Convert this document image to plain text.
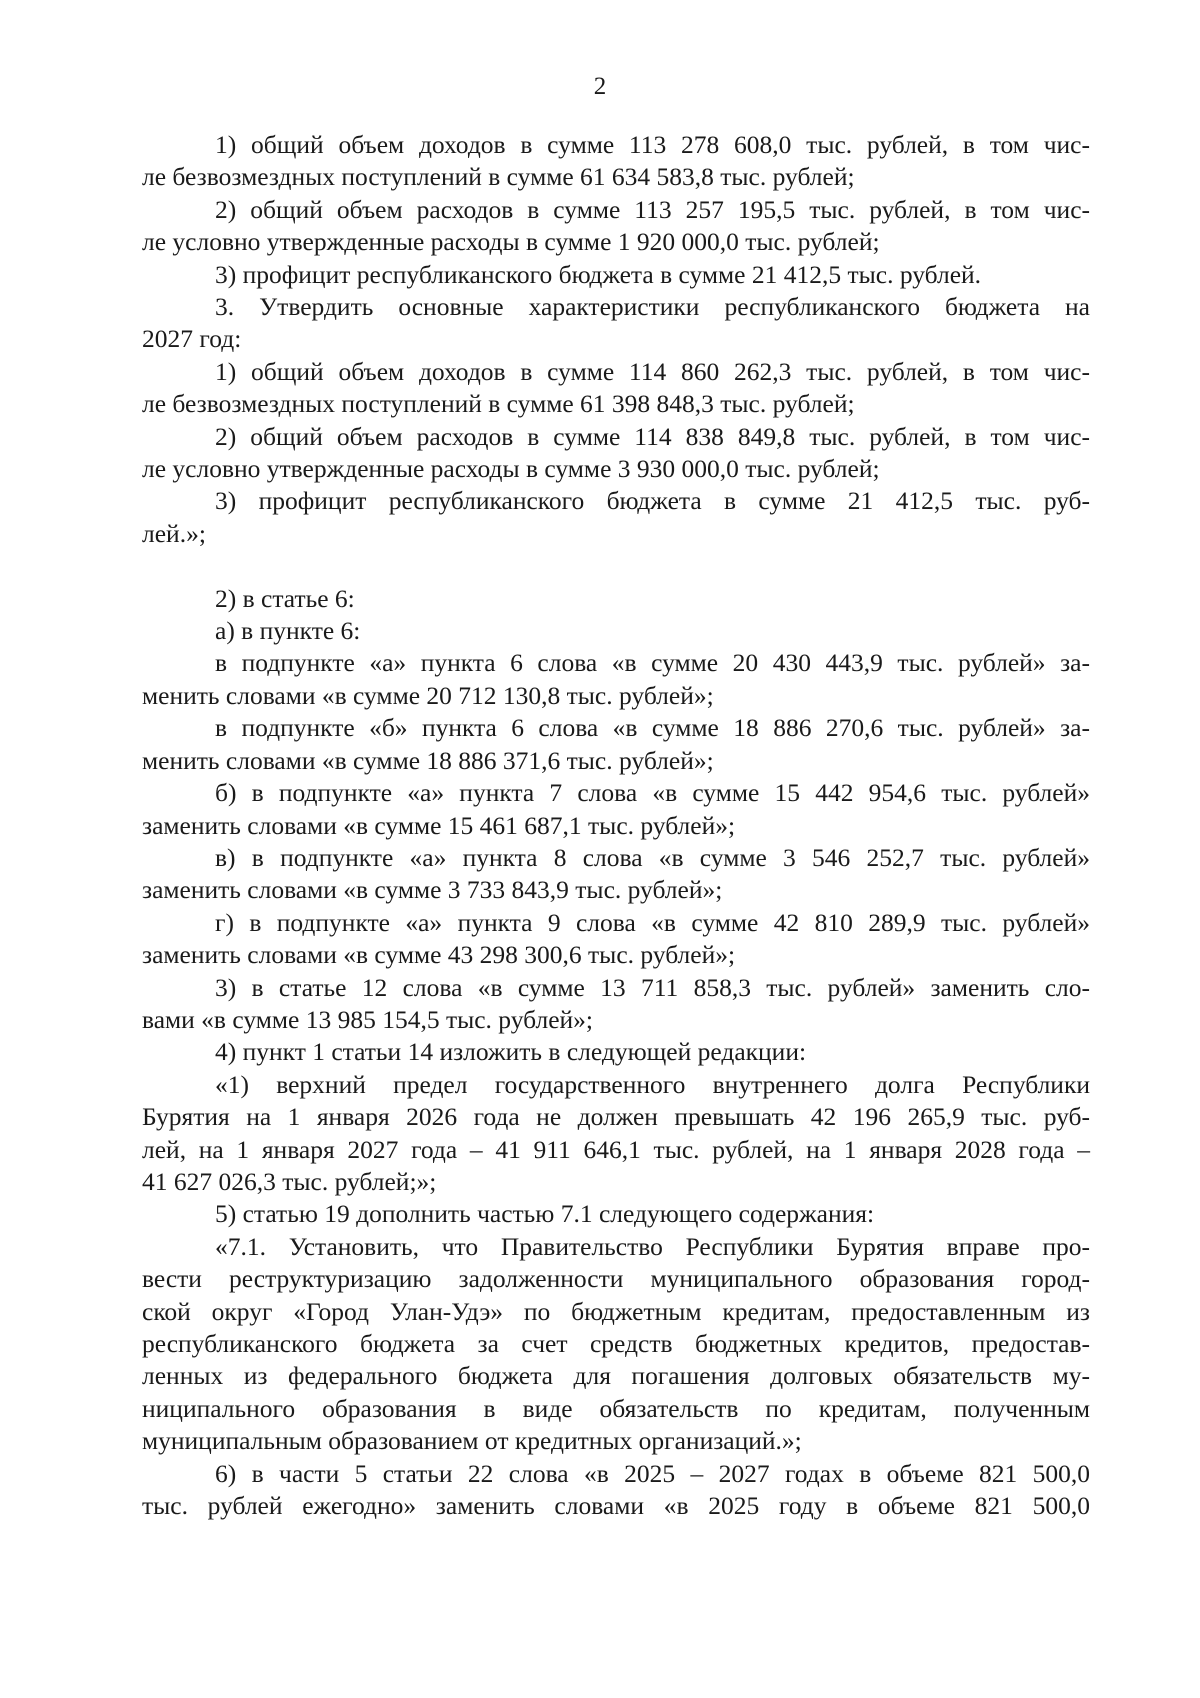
2

1) общий объем доходов в сумме 113 278 608,0 тыс. рублей, в том чис-

ле безвозмездных поступлений в сумме 61 634 583,8 тыс. рублей;

2) общий объем расходов в сумме 113 257 195,5 тыс. рублей, в том чис-

ле условно утвержденные расходы в сумме 1 920 000,0 тыс. рублей;

3) профицит республиканского бюджета в сумме 21 412,5 тыс. рублей.

3. Утвердить основные характеристики республиканского бюджета на

2027 год:

1) общий объем доходов в сумме 114 860 262,3 тыс. рублей, в том чис-

ле безвозмездных поступлений в сумме 61 398 848,3 тыс. рублей;

2) общий объем расходов в сумме 114 838 849,8 тыс. рублей, в том чис-

ле условно утвержденные расходы в сумме 3 930 000,0 тыс. рублей;

3) профицит республиканского бюджета в сумме 21 412,5 тыс. руб-

лей.»;

2) в статье 6:

а) в пункте 6:

в подпункте «а» пункта 6 слова «в сумме 20 430 443,9 тыс. рублей» за-

менить словами «в сумме 20 712 130,8 тыс. рублей»;

в подпункте «б» пункта 6 слова «в сумме 18 886 270,6 тыс. рублей» за-

менить словами «в сумме 18 886 371,6 тыс. рублей»;

б) в подпункте «а» пункта 7 слова «в сумме 15 442 954,6 тыс. рублей»

заменить словами «в сумме 15 461 687,1 тыс. рублей»;

в) в подпункте «а» пункта 8 слова «в сумме 3 546 252,7 тыс. рублей»

заменить словами «в сумме 3 733 843,9 тыс. рублей»;

г) в подпункте «а» пункта 9 слова «в сумме 42 810 289,9 тыс. рублей»

заменить словами «в сумме 43 298 300,6 тыс. рублей»;

3) в статье 12 слова «в сумме 13 711 858,3 тыс. рублей» заменить сло-

вами «в сумме 13 985 154,5 тыс. рублей»;

4) пункт 1 статьи 14 изложить в следующей редакции:

«1) верхний предел государственного внутреннего долга Республики

Бурятия на 1 января 2026 года не должен превышать 42 196 265,9 тыс. руб-

лей, на 1 января 2027 года – 41 911 646,1 тыс. рублей, на 1 января 2028 года –

41 627 026,3 тыс. рублей;»;

5) статью 19 дополнить частью 7.1 следующего содержания:

«7.1. Установить, что Правительство Республики Бурятия вправе про-

вести реструктуризацию задолженности муниципального образования город-

ской округ «Город Улан-Удэ» по бюджетным кредитам, предоставленным из

республиканского бюджета за счет средств бюджетных кредитов, предостав-

ленных из федерального бюджета для погашения долговых обязательств му-

ниципального образования в виде обязательств по кредитам, полученным

муниципальным образованием от кредитных организаций.»;

6) в части 5 статьи 22 слова «в 2025 – 2027 годах в объеме 821 500,0

тыс. рублей ежегодно» заменить словами «в 2025 году в объеме 821 500,0
